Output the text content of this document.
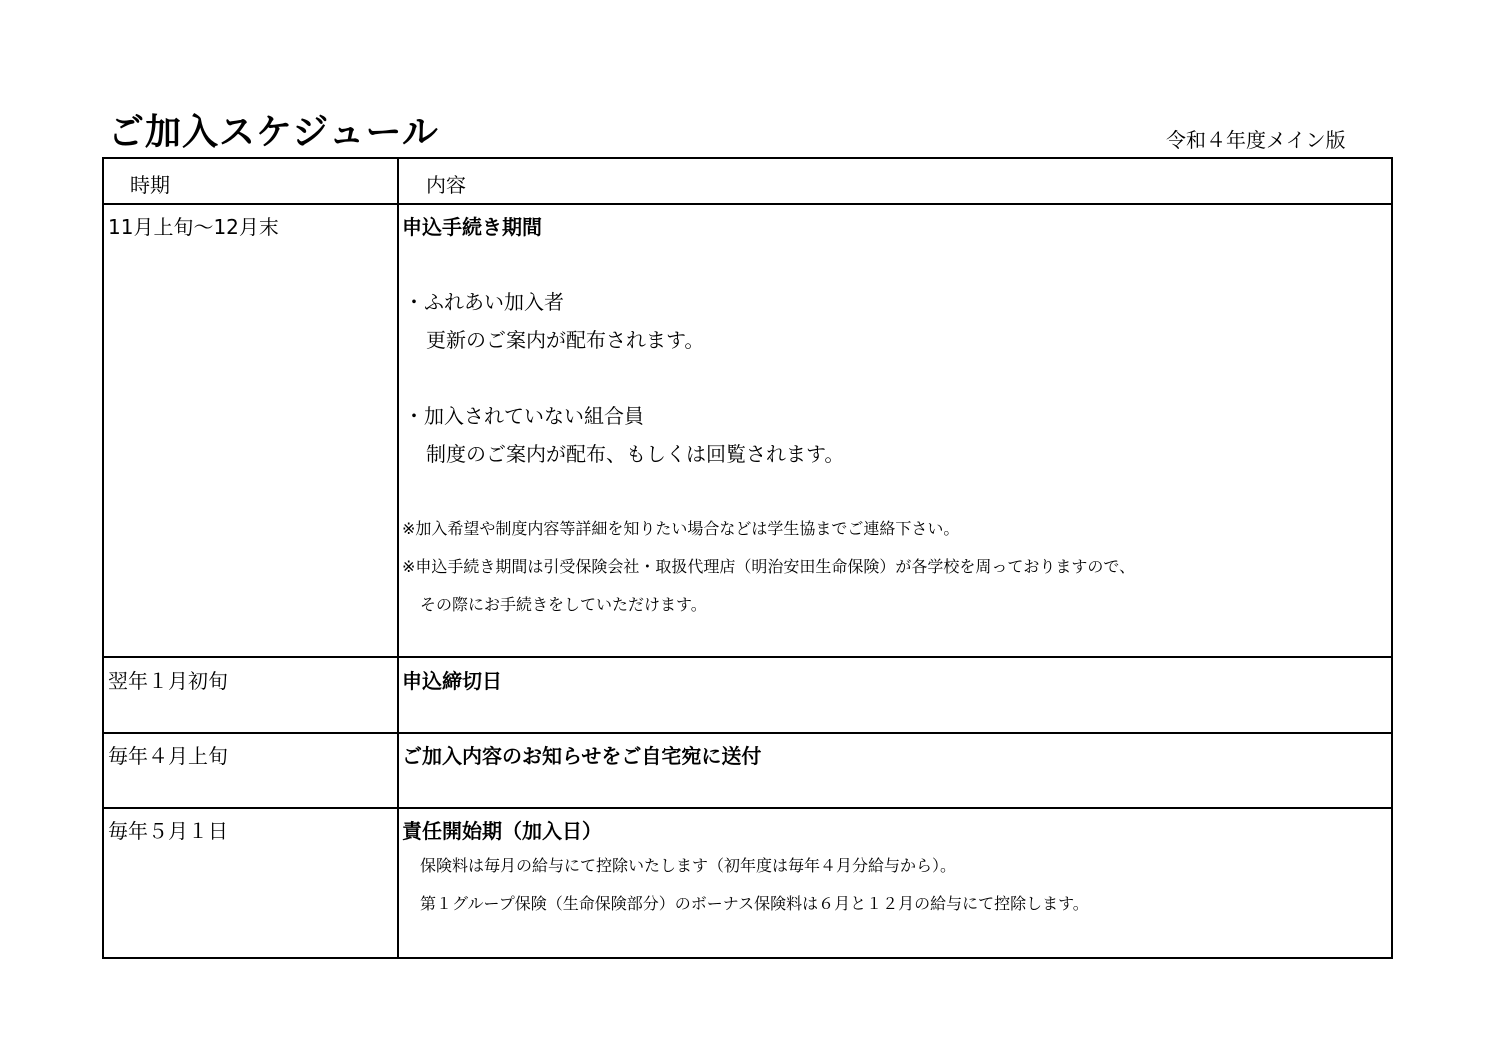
ご加入スケジュール	令和４年度メイン版
時期	内容
11月上旬〜12月末	申込手続き期間
・ふれあい加入者
更新のご案内が配布されます。
・加入されていない組合員
制度のご案内が配布、もしくは回覧されます。
※加入希望や制度内容等詳細を知りたい場合などは学生協までご連絡下さい。
※申込手続き期間は引受保険会社・取扱代理店（明治安田生命保険）が各学校を周っておりますので、
その際にお手続きをしていただけます。
翌年１月初旬	申込締切日
毎年４月上旬	ご加入内容のお知らせをご自宅宛に送付
毎年５月１日	責任開始期（加入日）
保険料は毎月の給与にて控除いたします（初年度は毎年４月分給与から）。
第１グループ保険（生命保険部分）のボーナス保険料は６月と１２月の給与にて控除します。
